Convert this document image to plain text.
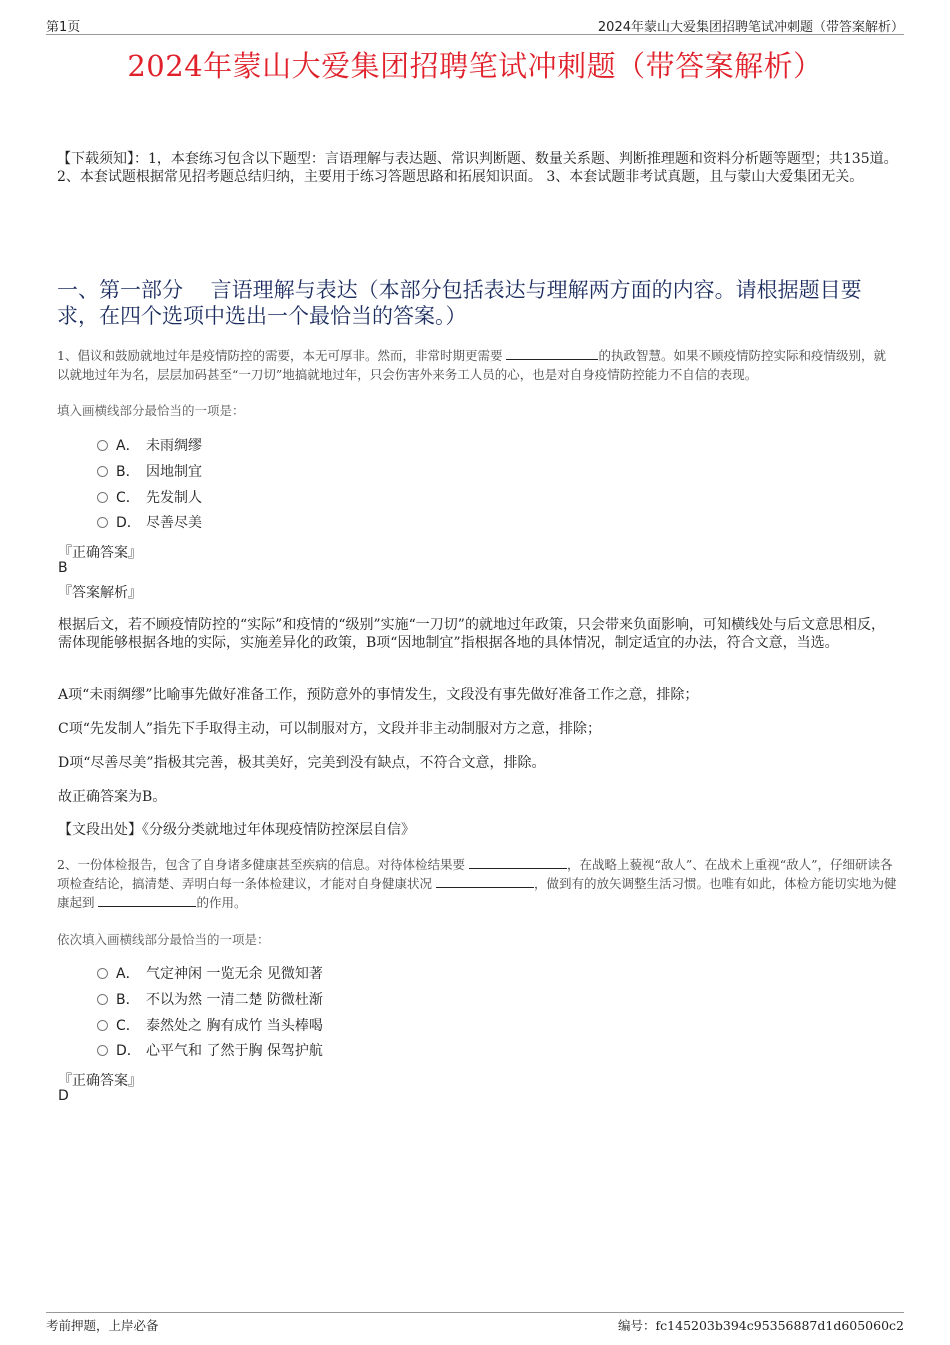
第1页	2024年蒙山大爱集团招聘笔试冲刺题（带答案解析）
2024年蒙山大爱集团招聘笔试冲刺题（带答案解析）
【下载须知】：1，本套练习包含以下题型：言语理解与表达题、常识判断题、数量关系题、判断推理题和资料分析题等题型；共135道。 2、本套试题根据常见招考题总结归纳，主要用于练习答题思路和拓展知识面。 3、本套试题非考试真题，且与蒙山大爱集团无关。
一、第一部分　 言语理解与表达（本部分包括表达与理解两方面的内容。请根据题目要求，在四个选项中选出一个最恰当的答案。）
1、倡议和鼓励就地过年是疫情防控的需要，本无可厚非。然而，非常时期更需要	的执政智慧。如果不顾疫情防控实际和疫情级别，就以就地过年为名，层层加码甚至“一刀切”地搞就地过年，只会伤害外来务工人员的心，也是对自身疫情防控能力不自信的表现。
填入画横线部分最恰当的一项是：
A． 未雨绸缪
B． 因地制宜
C． 先发制人
D． 尽善尽美
『正确答案』
B
『答案解析』
根据后文，若不顾疫情防控的“实际”和疫情的“级别”实施“一刀切”的就地过年政策，只会带来负面影响，可知横线处与后文意思相反，需体现能够根据各地的实际，实施差异化的政策，B项“因地制宜”指根据各地的具体情况，制定适宜的办法，符合文意，当选。
A项“未雨绸缪”比喻事先做好准备工作，预防意外的事情发生，文段没有事先做好准备工作之意，排除；
C项“先发制人”指先下手取得主动，可以制服对方，文段并非主动制服对方之意，排除；
D项“尽善尽美”指极其完善，极其美好，完美到没有缺点，不符合文意，排除。
故正确答案为B。
【文段出处】《分级分类就地过年体现疫情防控深层自信》
2、一份体检报告，包含了自身诸多健康甚至疾病的信息。对待体检结果要	，在战略上藐视“敌人”、在战术上重视“敌人”，仔细研读各项检查结论，搞清楚、弄明白每一条体检建议，才能对自身健康状况	，做到有的放矢调整生活习惯。也唯有如此，体检方能切实地为健康起到	的作用。
依次填入画横线部分最恰当的一项是：
A． 气定神闲 一览无余 见微知著
B． 不以为然 一清二楚 防微杜渐
C． 泰然处之 胸有成竹 当头棒喝
D． 心平气和 了然于胸 保驾护航
『正确答案』
D
考前押题，上岸必备	编号：fc145203b394c95356887d1d605060c2
